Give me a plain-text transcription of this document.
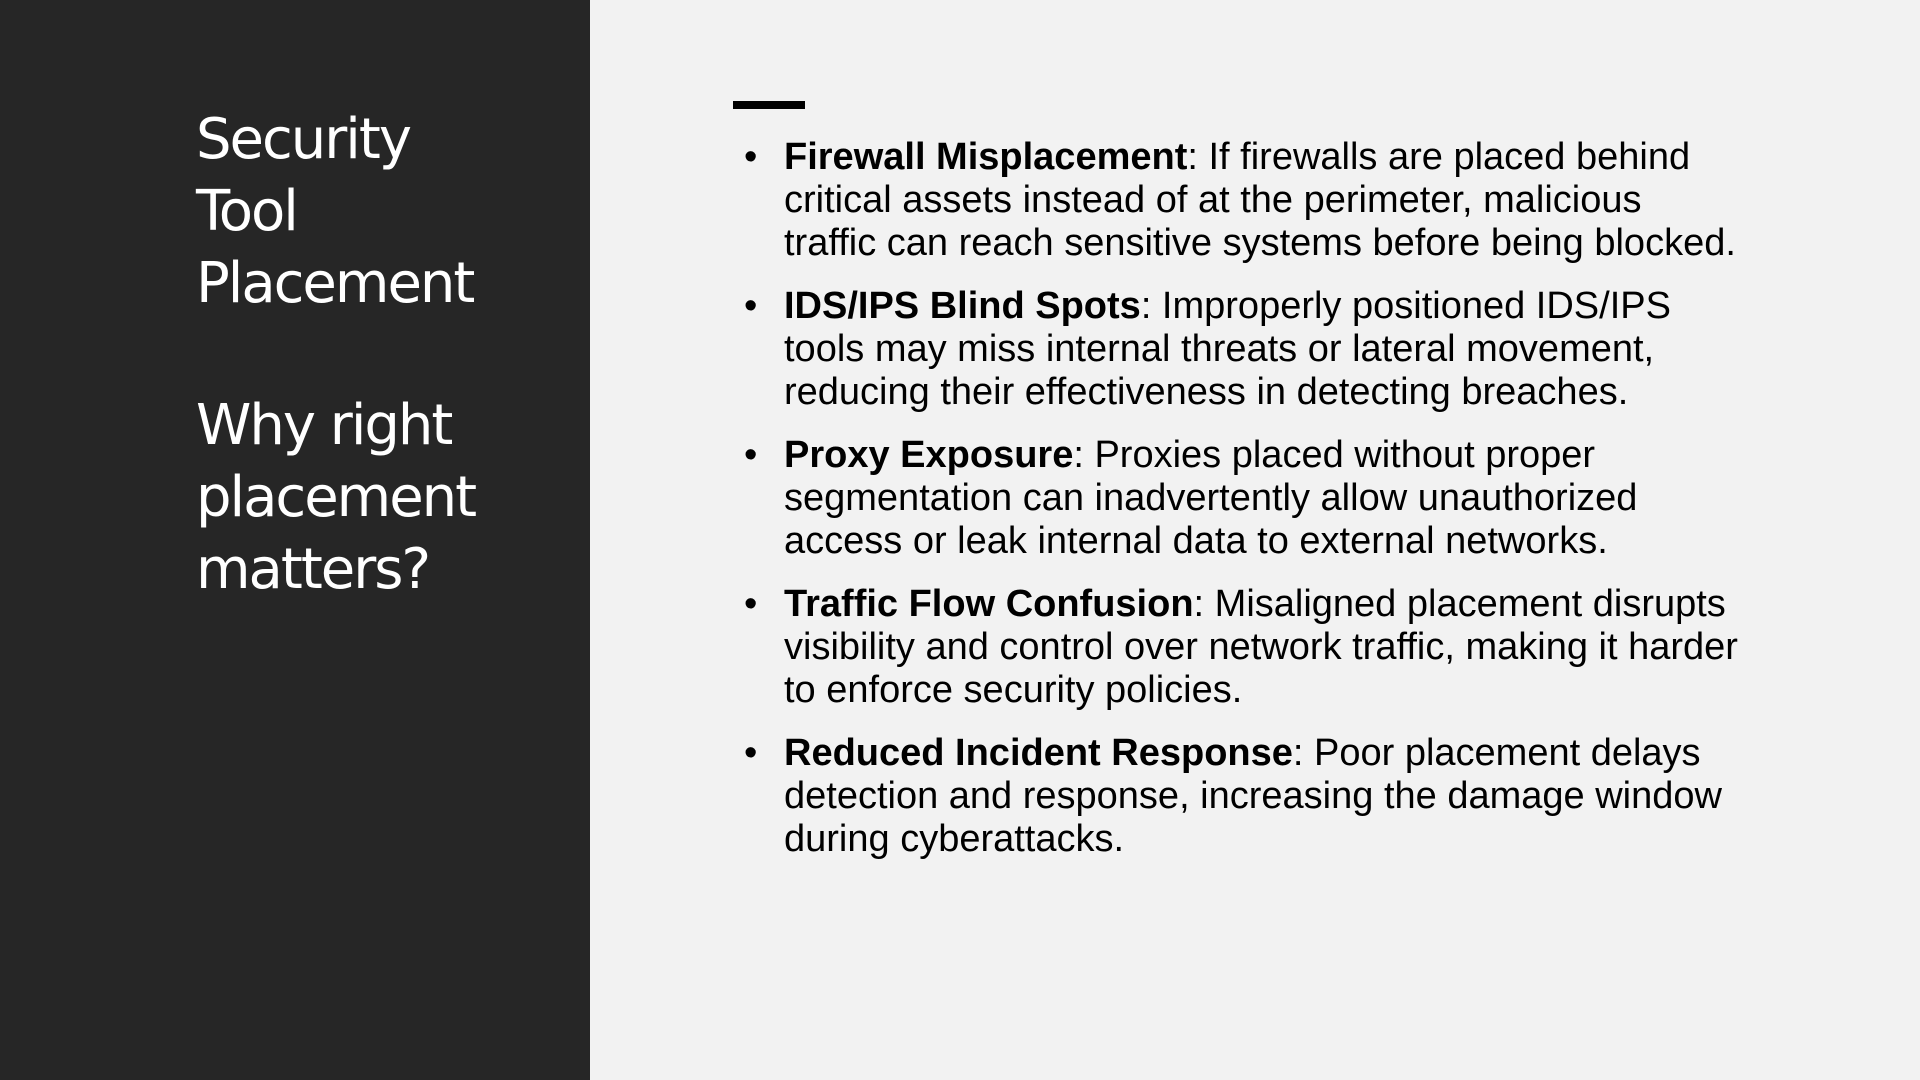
Security
Tool
Placement
Why right
placement
matters?
• Firewall Misplacement: If firewalls are placed behind critical assets instead of at the perimeter, malicious traffic can reach sensitive systems before being blocked.
• IDS/IPS Blind Spots: Improperly positioned IDS/IPS tools may miss internal threats or lateral movement, reducing their effectiveness in detecting breaches.
• Proxy Exposure: Proxies placed without proper segmentation can inadvertently allow unauthorized access or leak internal data to external networks.
• Traffic Flow Confusion: Misaligned placement disrupts visibility and control over network traffic, making it harder to enforce security policies.
• Reduced Incident Response: Poor placement delays detection and response, increasing the damage window during cyberattacks.
